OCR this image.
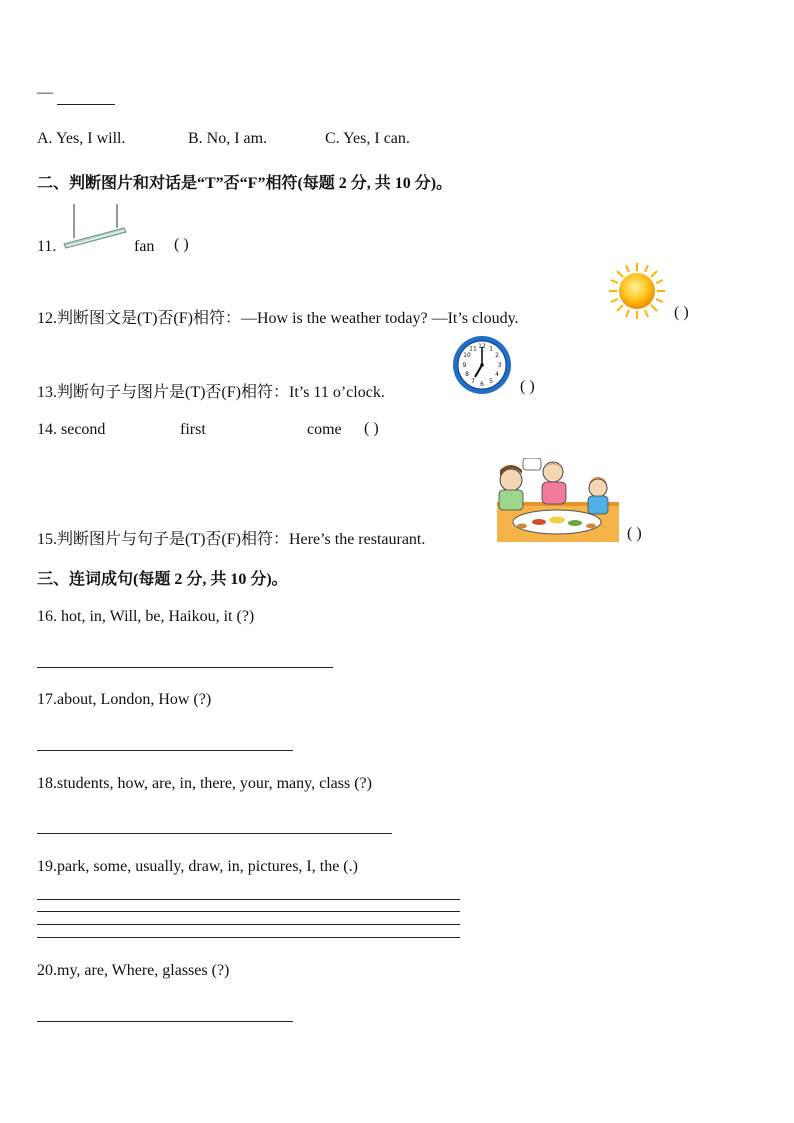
—
A. Yes, I will.	B. No, I am.	C. Yes, I can.
二、判断图片和对话是“T”否“F”相符(每题 2 分, 共 10 分)。
11.	fan ( )
12.判断图文是(T)否(F)相符：—How is the weather today? —It’s cloudy.	( )
13.判断句子与图片是(T)否(F)相符：It’s 11 o’clock.
12 1
2
3
4
5
6
7
8
9
10
11
( )
14. second	first	come ( )
15.判断图片与句子是(T)否(F)相符：Here’s the restaurant.	( )
三、连词成句(每题 2 分, 共 10 分)。
16. hot, in, Will, be, Haikou, it (?)
17.about, London, How (?)
18.students, how, are, in, there, your, many, class (?)
19.park, some, usually, draw, in, pictures, I, the (.)
20.my, are, Where, glasses (?)
